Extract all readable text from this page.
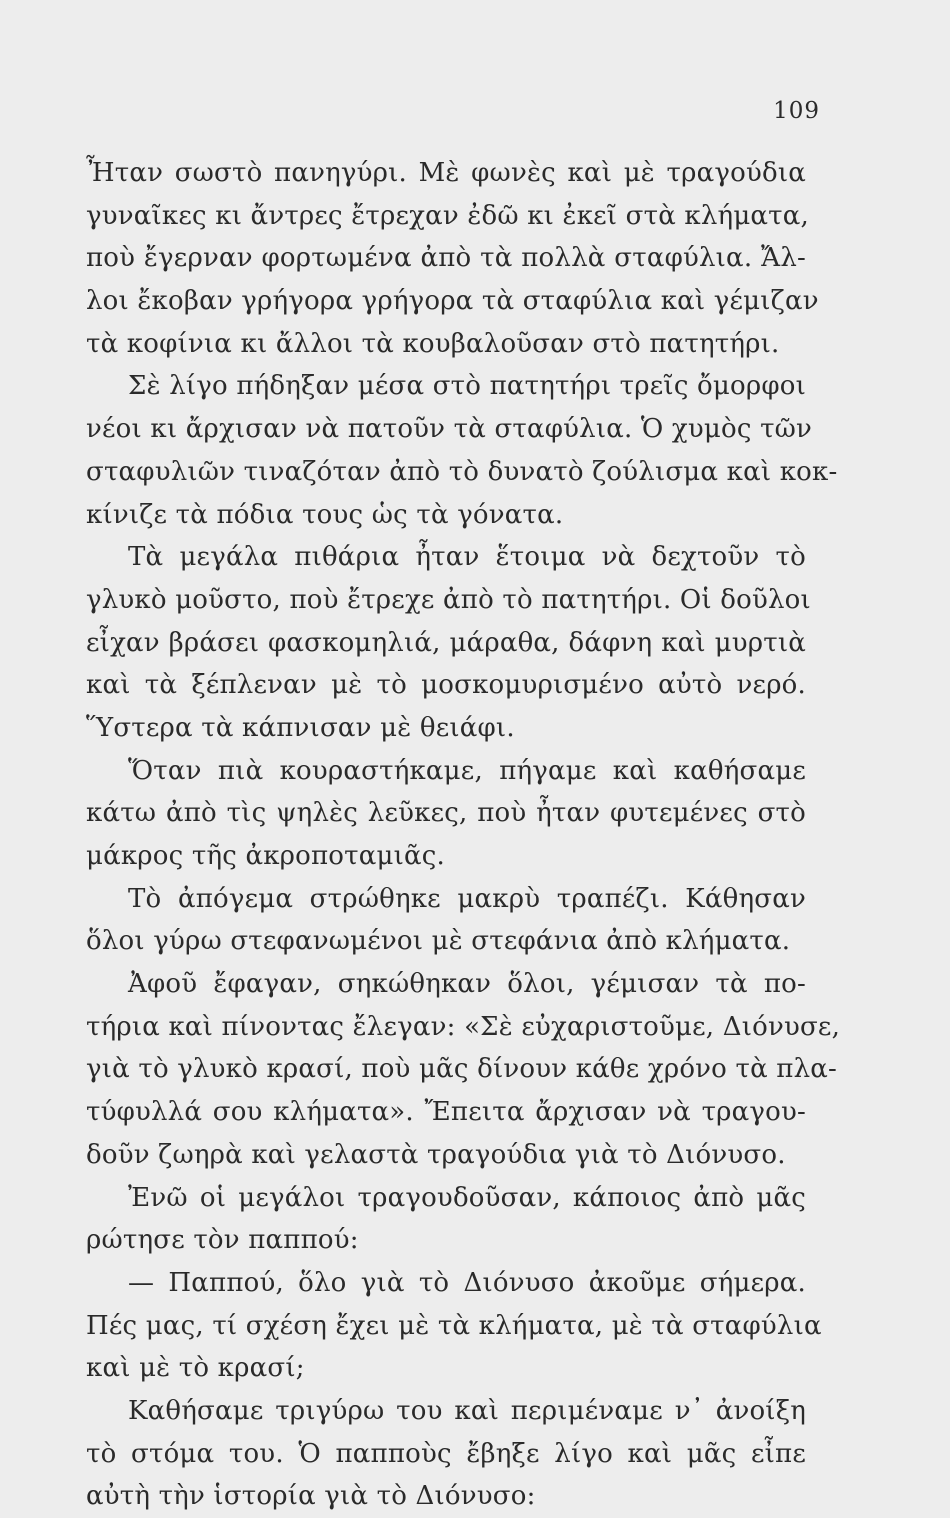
109
Ἦταν σωστὸ πανηγύρι. Μὲ φωνὲς καὶ μὲ τραγούδια
γυναῖκες κι ἄντρες ἔτρεχαν ἐδῶ κι ἐκεῖ στὰ κλήματα,
ποὺ ἔγερναν φορτωμένα ἀπὸ τὰ πολλὰ σταφύλια. Ἄλ-
λοι ἔκοβαν γρήγορα γρήγορα τὰ σταφύλια καὶ γέμιζαν
τὰ κοφίνια κι ἄλλοι τὰ κουβαλοῦσαν στὸ πατητήρι.
Σὲ λίγο πήδηξαν μέσα στὸ πατητήρι τρεῖς ὄμορφοι
νέοι κι ἄρχισαν νὰ πατοῦν τὰ σταφύλια. Ὁ χυμὸς τῶν
σταφυλιῶν τιναζόταν ἀπὸ τὸ δυνατὸ ζούλισμα καὶ κοκ-
κίνιζε τὰ πόδια τους ὡς τὰ γόνατα.
Τὰ μεγάλα πιθάρια ἦταν ἕτοιμα νὰ δεχτοῦν τὸ
γλυκὸ μοῦστο, ποὺ ἔτρεχε ἀπὸ τὸ πατητήρι. Οἱ δοῦλοι
εἶχαν βράσει φασκομηλιά, μάραθα, δάφνη καὶ μυρτιὰ
καὶ τὰ ξέπλεναν μὲ τὸ μοσκομυρισμένο αὐτὸ νερό.
Ὕστερα τὰ κάπνισαν μὲ θειάφι.
Ὅταν πιὰ κουραστήκαμε, πήγαμε καὶ καθήσαμε
κάτω ἀπὸ τὶς ψηλὲς λεῦκες, ποὺ ἦταν φυτεμένες στὸ
μάκρος τῆς ἀκροποταμιᾶς.
Τὸ ἀπόγεμα στρώθηκε μακρὺ τραπέζι. Κάθησαν
ὅλοι γύρω στεφανωμένοι μὲ στεφάνια ἀπὸ κλήματα.
Ἀφοῦ ἔφαγαν, σηκώθηκαν ὅλοι, γέμισαν τὰ πο-
τήρια καὶ πίνοντας ἔλεγαν: «Σὲ εὐχαριστοῦμε, Διόνυσε,
γιὰ τὸ γλυκὸ κρασί, ποὺ μᾶς δίνουν κάθε χρόνο τὰ πλα-
τύφυλλά σου κλήματα». Ἔπειτα ἄρχισαν νὰ τραγου-
δοῦν ζωηρὰ καὶ γελαστὰ τραγούδια γιὰ τὸ Διόνυσο.
Ἐνῶ οἱ μεγάλοι τραγουδοῦσαν, κάποιος ἀπὸ μᾶς
ρώτησε τὸν παππού:
— Παππού, ὅλο γιὰ τὸ Διόνυσο ἀκοῦμε σήμερα.
Πές μας, τί σχέση ἔχει μὲ τὰ κλήματα, μὲ τὰ σταφύλια
καὶ μὲ τὸ κρασί;
Καθήσαμε τριγύρω του καὶ περιμέναμε ν᾿ ἀνοίξη
τὸ στόμα του. Ὁ παπποὺς ἔβηξε λίγο καὶ μᾶς εἶπε
αὐτὴ τὴν ἱστορία γιὰ τὸ Διόνυσο:
